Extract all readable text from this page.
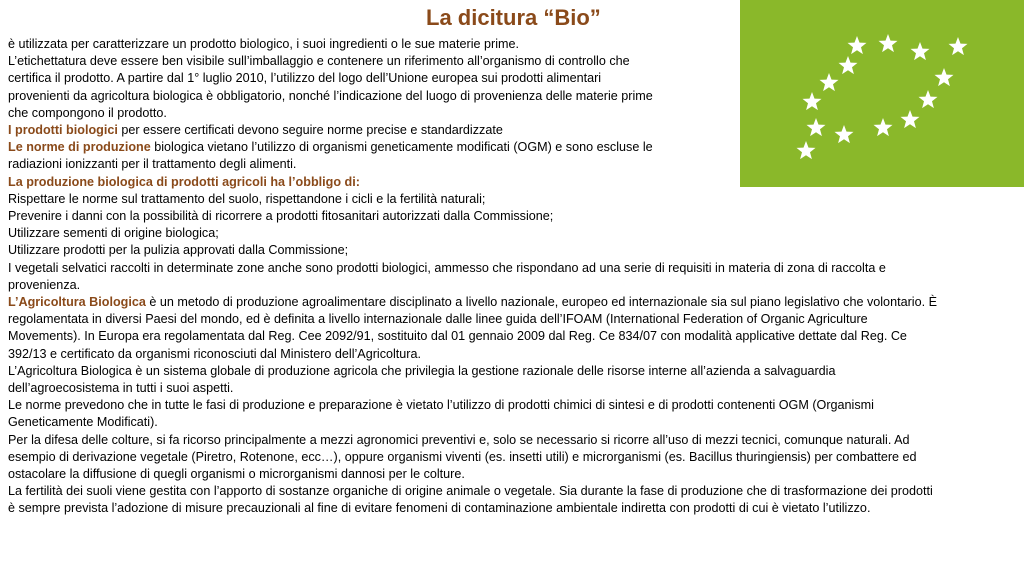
La dicitura “Bio”

è utilizzata per caratterizzare un prodotto biologico, i suoi ingredienti o le sue materie prime.

L’etichettatura deve essere ben visibile sull’imballaggio e contenere un riferimento all’organismo di controllo che

certifica il prodotto. A partire dal 1° luglio 2010, l’utilizzo del logo dell’Unione europea sui prodotti alimentari

provenienti da agricoltura biologica è obbligatorio, nonché l’indicazione del luogo di provenienza delle materie prime

che compongono il prodotto.

I prodotti biologici per essere certificati devono seguire norme precise e standardizzate

Le norme di produzione biologica vietano l’utilizzo di organismi geneticamente modificati (OGM) e sono escluse le

radiazioni ionizzanti per il trattamento degli alimenti.

La produzione biologica di prodotti agricoli ha l’obbligo di:

Rispettare le norme sul trattamento del suolo, rispettandone i cicli e la fertilità naturali;

Prevenire i danni con la possibilità di ricorrere a prodotti fitosanitari autorizzati dalla Commissione;

Utilizzare sementi di origine biologica;

Utilizzare prodotti per la pulizia approvati dalla Commissione;

I vegetali selvatici raccolti in determinate zone anche sono prodotti biologici, ammesso che rispondano ad una serie di requisiti in materia di zona di raccolta e

provenienza.

L’Agricoltura Biologica è un metodo di produzione agroalimentare disciplinato a livello nazionale, europeo ed internazionale sia sul piano legislativo che volontario. È

regolamentata in diversi Paesi del mondo, ed è definita a livello internazionale dalle linee guida dell’IFOAM (International Federation of Organic Agriculture

Movements). In Europa era regolamentata dal Reg. Cee 2092/91, sostituito dal 01 gennaio 2009 dal Reg. Ce 834/07 con modalità applicative dettate dal Reg. Ce

392/13 e certificato da organismi riconosciuti dal Ministero dell’Agricoltura.

L’Agricoltura Biologica è un sistema globale di produzione agricola che privilegia la gestione razionale delle risorse interne all’azienda a salvaguardia

dell’agroecosistema in tutti i suoi aspetti.

Le norme prevedono che in tutte le fasi di produzione e preparazione è vietato l’utilizzo di prodotti chimici di sintesi e di prodotti contenenti OGM (Organismi

Geneticamente Modificati).

Per la difesa delle colture, si fa ricorso principalmente a mezzi agronomici preventivi e, solo se necessario si ricorre all’uso di mezzi tecnici, comunque naturali. Ad

esempio di derivazione vegetale (Piretro, Rotenone, ecc…), oppure organismi viventi (es. insetti utili) e microrganismi (es. Bacillus thuringiensis) per combattere ed

ostacolare la diffusione di quegli organismi o microrganismi dannosi per le colture.

La fertilità dei suoli viene gestita con l’apporto di sostanze organiche di origine animale o vegetale. Sia durante la fase di produzione che di trasformazione dei prodotti

è sempre prevista l’adozione di misure precauzionali al fine di evitare fenomeni di contaminazione ambientale indiretta con prodotti di cui è vietato l’utilizzo.
